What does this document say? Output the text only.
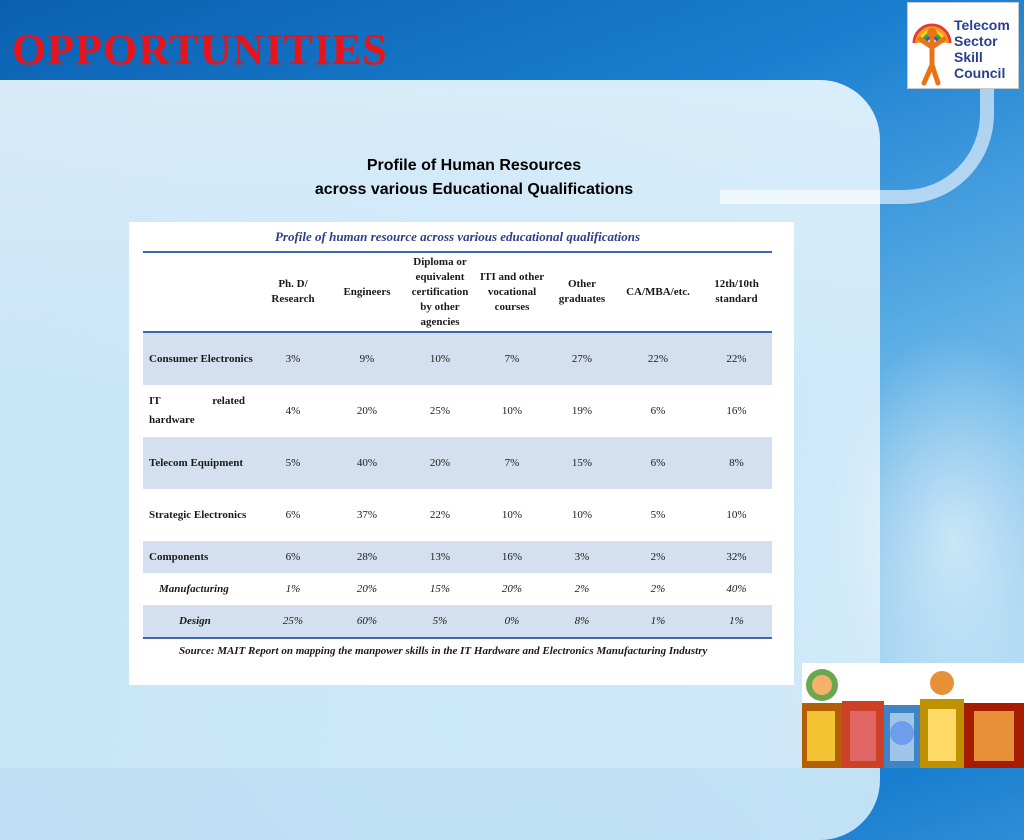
OPPORTUNITIES	Telecom
Sector
Skill
Council
Profile of Human Resources
across various Educational Qualifications
Profile of human resource across various educational qualifications
	Ph. D/ Research	Engineers	Diploma or equivalent certification by other agencies	ITI and other vocational courses	Other graduates	CA/MBA/etc.	12th/10th standard
Consumer Electronics	3%	9%	10%	7%	27%	22%	22%

IT related
hardware	4%	20%	25%	10%	19%	6%	16%
Telecom Equipment	5%	40%	20%	7%	15%	6%	8%
Strategic Electronics	6%	37%	22%	10%	10%	5%	10%
Components	6%	28%	13%	16%	3%	2%	32%
Manufacturing	1%	20%	15%	20%	2%	2%	40%
Design	25%	60%	5%	0%	8%	1%	1%
Source: MAIT Report on mapping the manpower skills in the IT Hardware and Electronics Manufacturing Industry
